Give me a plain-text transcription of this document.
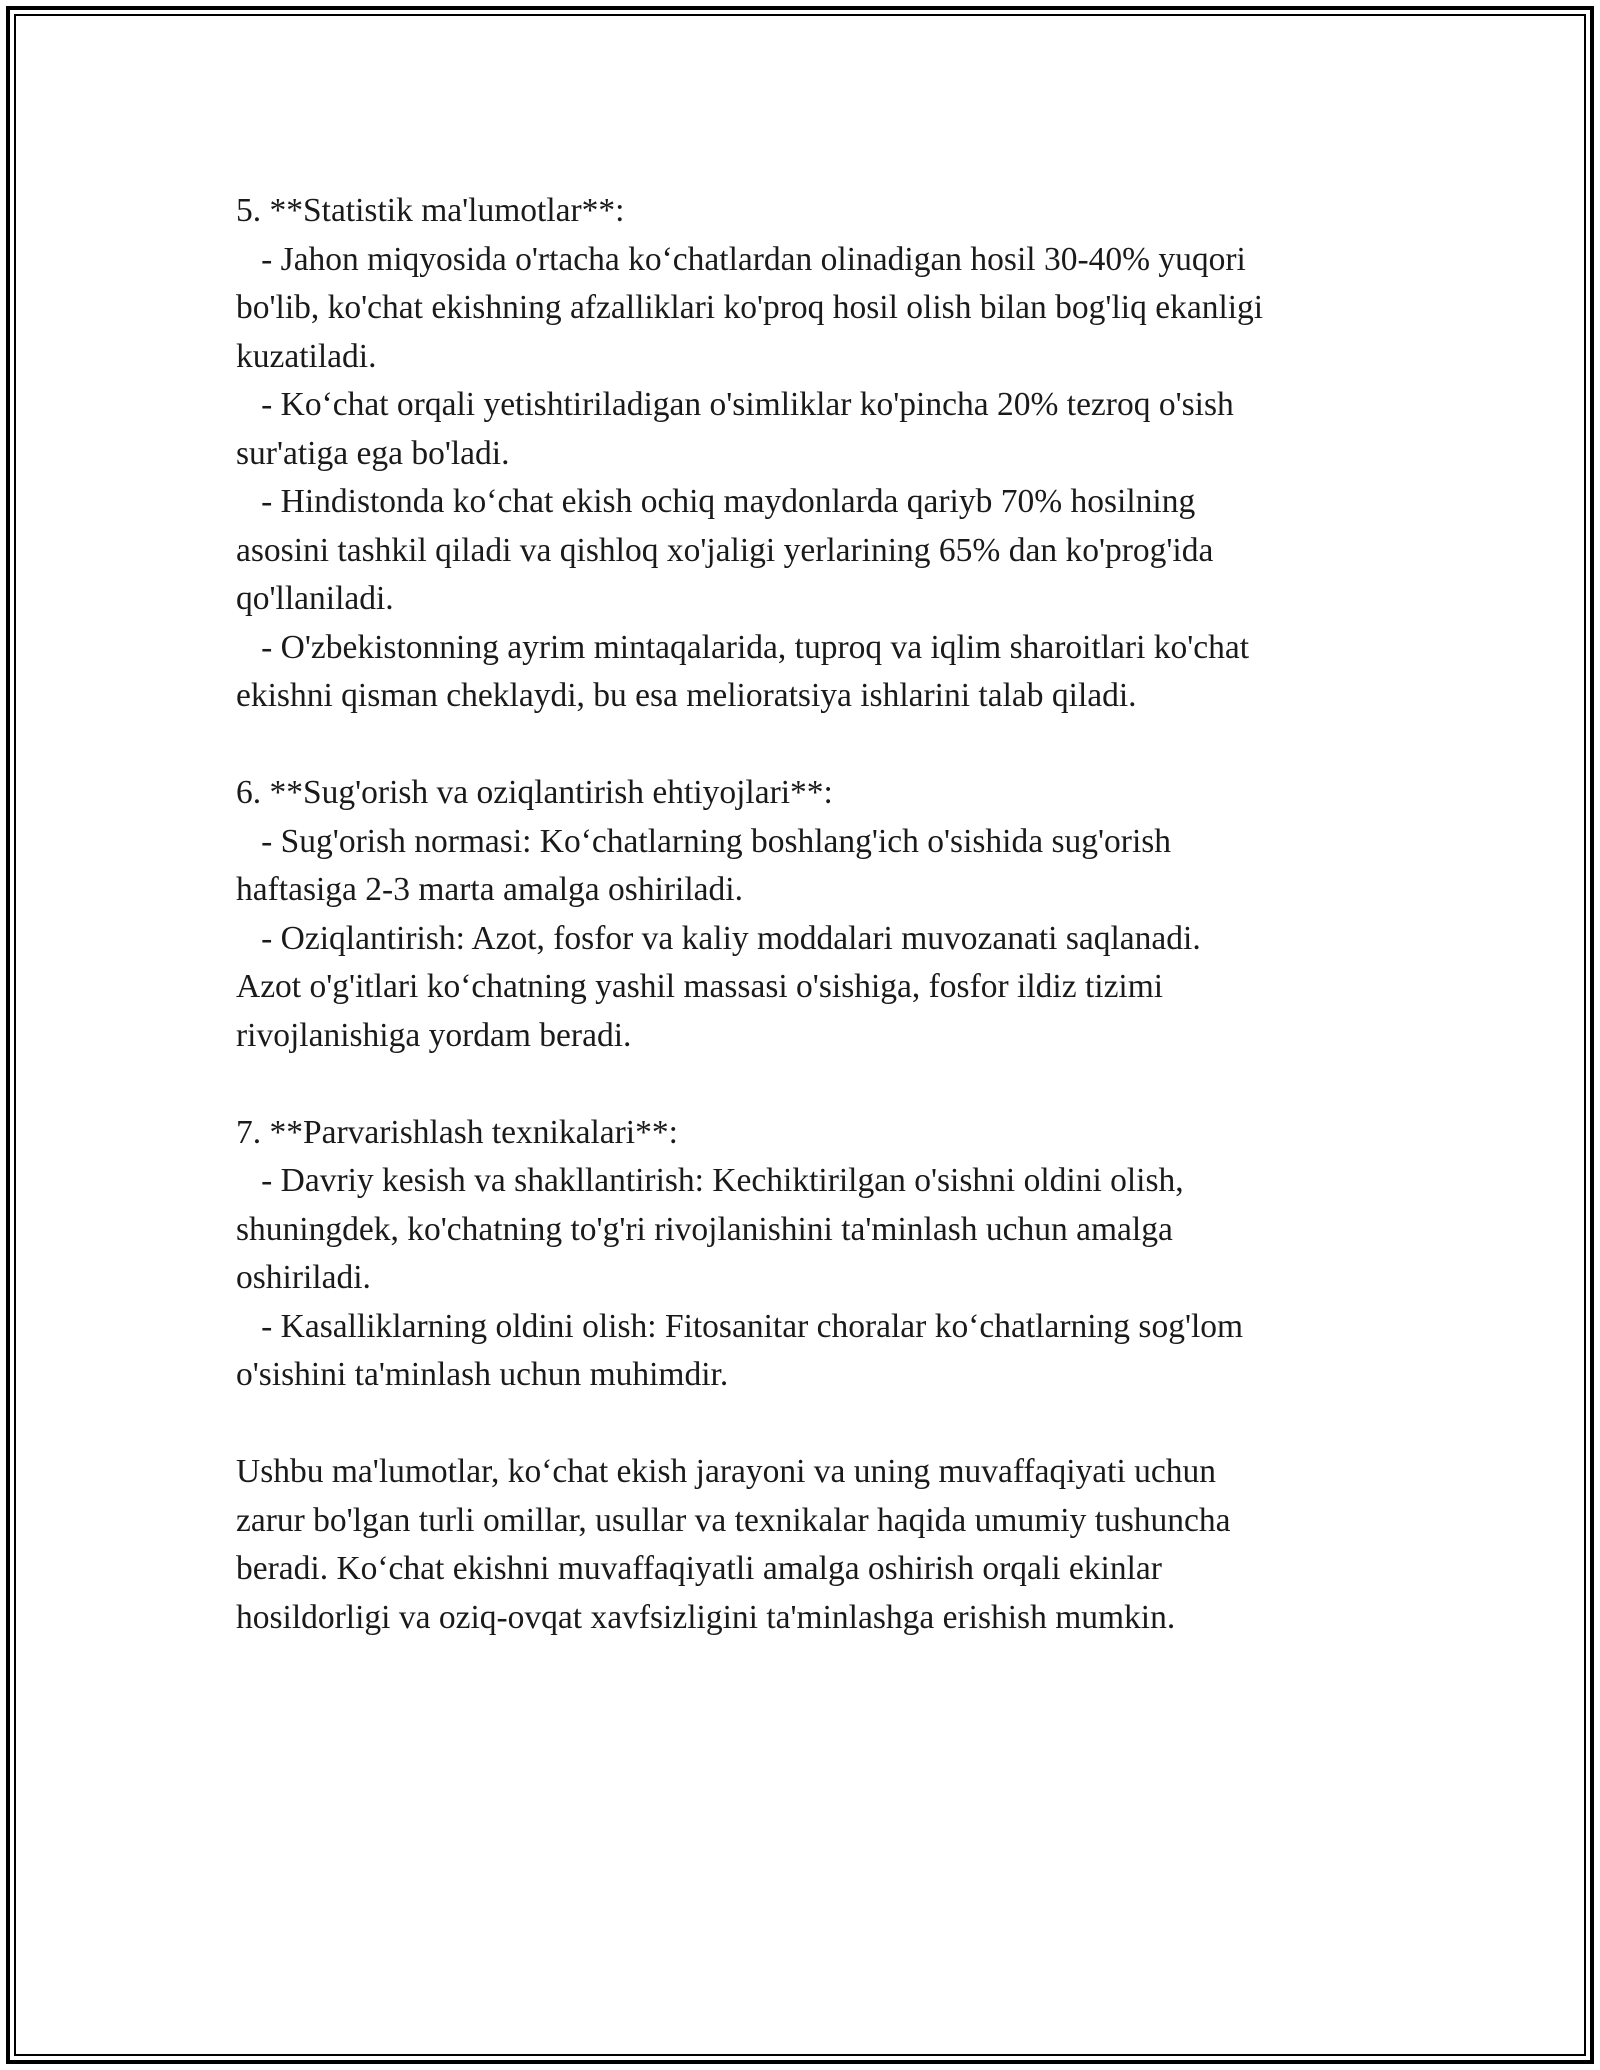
5. **Statistik ma'lumotlar**:

- Jahon miqyosida o'rtacha ko‘chatlardan olinadigan hosil 30-40% yuqori

bo'lib, ko'chat ekishning afzalliklari ko'proq hosil olish bilan bog'liq ekanligi

kuzatiladi.

- Ko‘chat orqali yetishtiriladigan o'simliklar ko'pincha 20% tezroq o'sish

sur'atiga ega bo'ladi.

- Hindistonda ko‘chat ekish ochiq maydonlarda qariyb 70% hosilning

asosini tashkil qiladi va qishloq xo'jaligi yerlarining 65% dan ko'prog'ida

qo'llaniladi.

- O'zbekistonning ayrim mintaqalarida, tuproq va iqlim sharoitlari ko'chat

ekishni qisman cheklaydi, bu esa melioratsiya ishlarini talab qiladi.

6. **Sug'orish va oziqlantirish ehtiyojlari**:

- Sug'orish normasi: Ko‘chatlarning boshlang'ich o'sishida sug'orish

haftasiga 2-3 marta amalga oshiriladi.

- Oziqlantirish: Azot, fosfor va kaliy moddalari muvozanati saqlanadi.

Azot o'g'itlari ko‘chatning yashil massasi o'sishiga, fosfor ildiz tizimi

rivojlanishiga yordam beradi.

7. **Parvarishlash texnikalari**:

- Davriy kesish va shakllantirish: Kechiktirilgan o'sishni oldini olish,

shuningdek, ko'chatning to'g'ri rivojlanishini ta'minlash uchun amalga

oshiriladi.

- Kasalliklarning oldini olish: Fitosanitar choralar ko‘chatlarning sog'lom

o'sishini ta'minlash uchun muhimdir.

Ushbu ma'lumotlar, ko‘chat ekish jarayoni va uning muvaffaqiyati uchun

zarur bo'lgan turli omillar, usullar va texnikalar haqida umumiy tushuncha

beradi. Ko‘chat ekishni muvaffaqiyatli amalga oshirish orqali ekinlar

hosildorligi va oziq-ovqat xavfsizligini ta'minlashga erishish mumkin.
